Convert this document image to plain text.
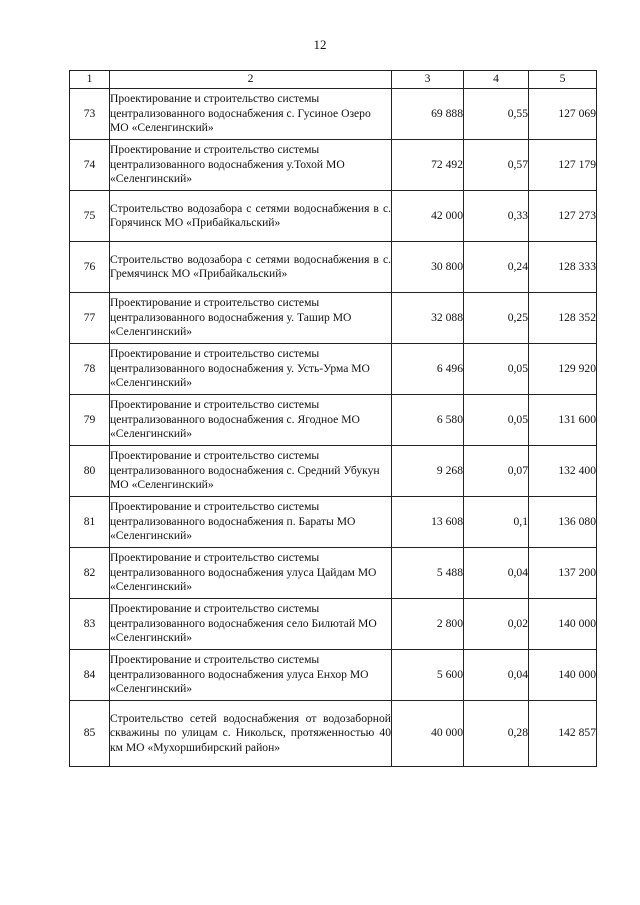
12
1	2	3	4	5
73	Проектирование и строительство системы централизованного водоснабжения с. Гусиное Озеро МО «Селенгинский»	69 888	0,55	127 069
74	Проектирование и строительство системы централизованного водоснабжения у.Тохой МО «Селенгинский»	72 492	0,57	127 179
75	Строительство водозабора с сетями водоснабжения в с. Горячинск МО «Прибайкальский»	42 000	0,33	127 273
76	Строительство водозабора с сетями водоснабжения в с. Гремячинск МО «Прибайкальский»	30 800	0,24	128 333
77	Проектирование и строительство системы централизованного водоснабжения у. Ташир МО «Селенгинский»	32 088	0,25	128 352
78	Проектирование и строительство системы централизованного водоснабжения у. Усть-Урма МО «Селенгинский»	6 496	0,05	129 920
79	Проектирование и строительство системы централизованного водоснабжения с. Ягодное МО «Селенгинский»	6 580	0,05	131 600
80	Проектирование и строительство системы централизованного водоснабжения с. Средний Убукун МО «Селенгинский»	9 268	0,07	132 400
81	Проектирование и строительство системы централизованного водоснабжения п. Бараты МО «Селенгинский»	13 608	0,1	136 080
82	Проектирование и строительство системы централизованного водоснабжения улуса Цайдам МО «Селенгинский»	5 488	0,04	137 200
83	Проектирование и строительство системы централизованного водоснабжения село Билютай МО «Селенгинский»	2 800	0,02	140 000
84	Проектирование и строительство системы централизованного водоснабжения улуса Енхор МО «Селенгинский»	5 600	0,04	140 000
85	Строительство сетей водоснабжения от водозаборной скважины по улицам с. Никольск, протяженностью 40 км МО «Мухоршибирский район»	40 000	0,28	142 857
